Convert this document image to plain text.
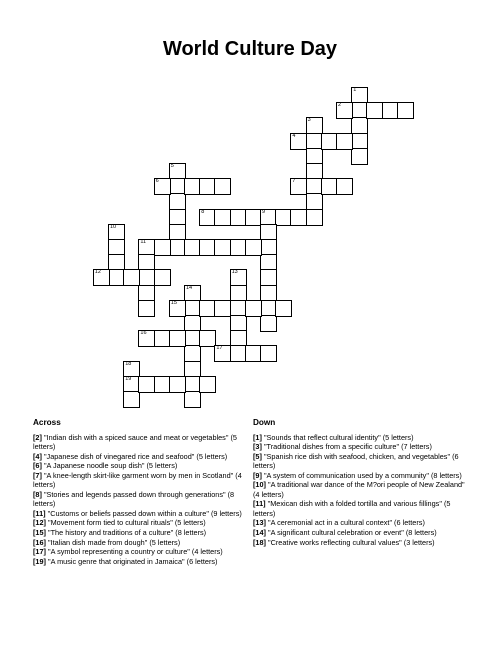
World Culture Day
1
2
3
4
5
6	7
8	9
10
11
12	13
14
15
16
17
18
19
Across
[2] "Indian dish with a spiced sauce and meat or vegetables" (5 letters)
[4] "Japanese dish of vinegared rice and seafood" (5 letters)
[6] "A Japanese noodle soup dish" (5 letters)
[7] "A knee-length skirt-like garment worn by men in Scotland" (4 letters)
[8] "Stories and legends passed down through generations" (8 letters)
[11] "Customs or beliefs passed down within a culture" (9 letters)
[12] "Movement form tied to cultural rituals" (5 letters)
[15] "The history and traditions of a culture" (8 letters)
[16] "Italian dish made from dough" (5 letters)
[17] "A symbol representing a country or culture" (4 letters)
[19] "A music genre that originated in Jamaica" (6 letters)
Down
[1] "Sounds that reflect cultural identity" (5 letters)
[3] "Traditional dishes from a specific culture" (7 letters)
[5] "Spanish rice dish with seafood, chicken, and vegetables" (6 letters)
[9] "A system of communication used by a community" (8 letters)
[10] "A traditional war dance of the M?ori people of New Zealand" (4 letters)
[11] "Mexican dish with a folded tortilla and various fillings" (5 letters)
[13] "A ceremonial act in a cultural context" (6 letters)
[14] "A significant cultural celebration or event" (8 letters)
[18] "Creative works reflecting cultural values" (3 letters)
